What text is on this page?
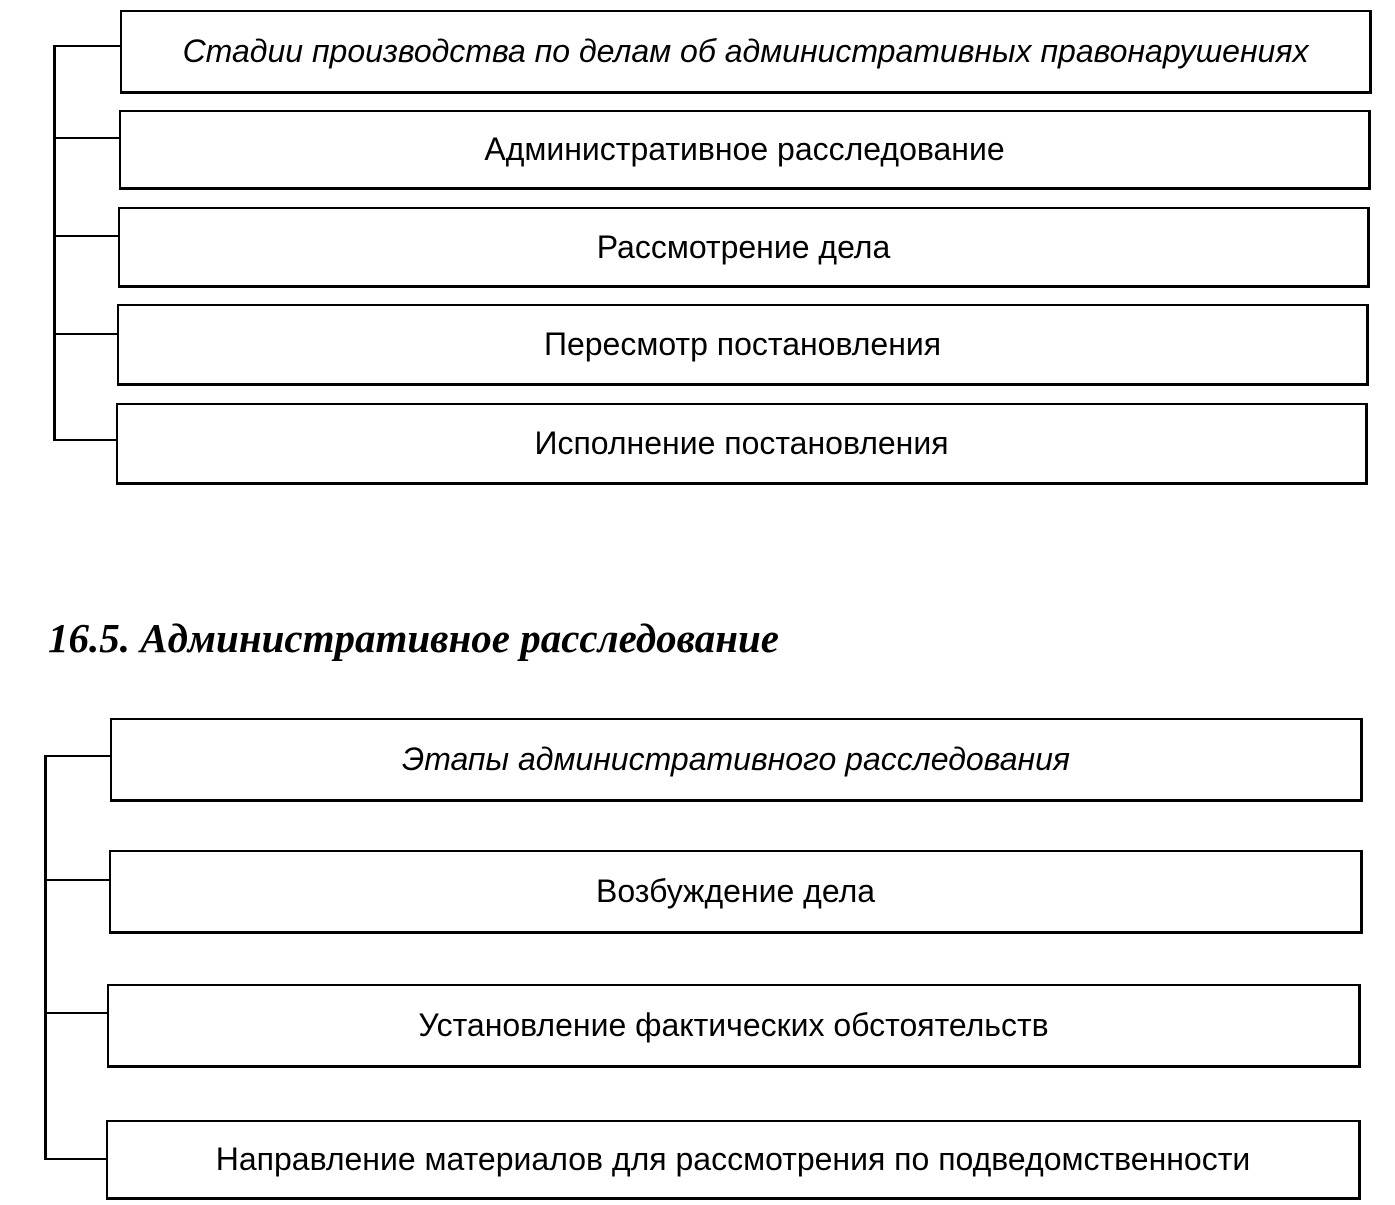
Стадии производства по делам об административных правонарушениях
Административное расследование
Рассмотрение дела
Пересмотр постановления
Исполнение постановления
16.5. Административное расследование
Этапы административного расследования
Возбуждение дела
Установление фактических обстоятельств
Направление материалов для рассмотрения по подведомственности
